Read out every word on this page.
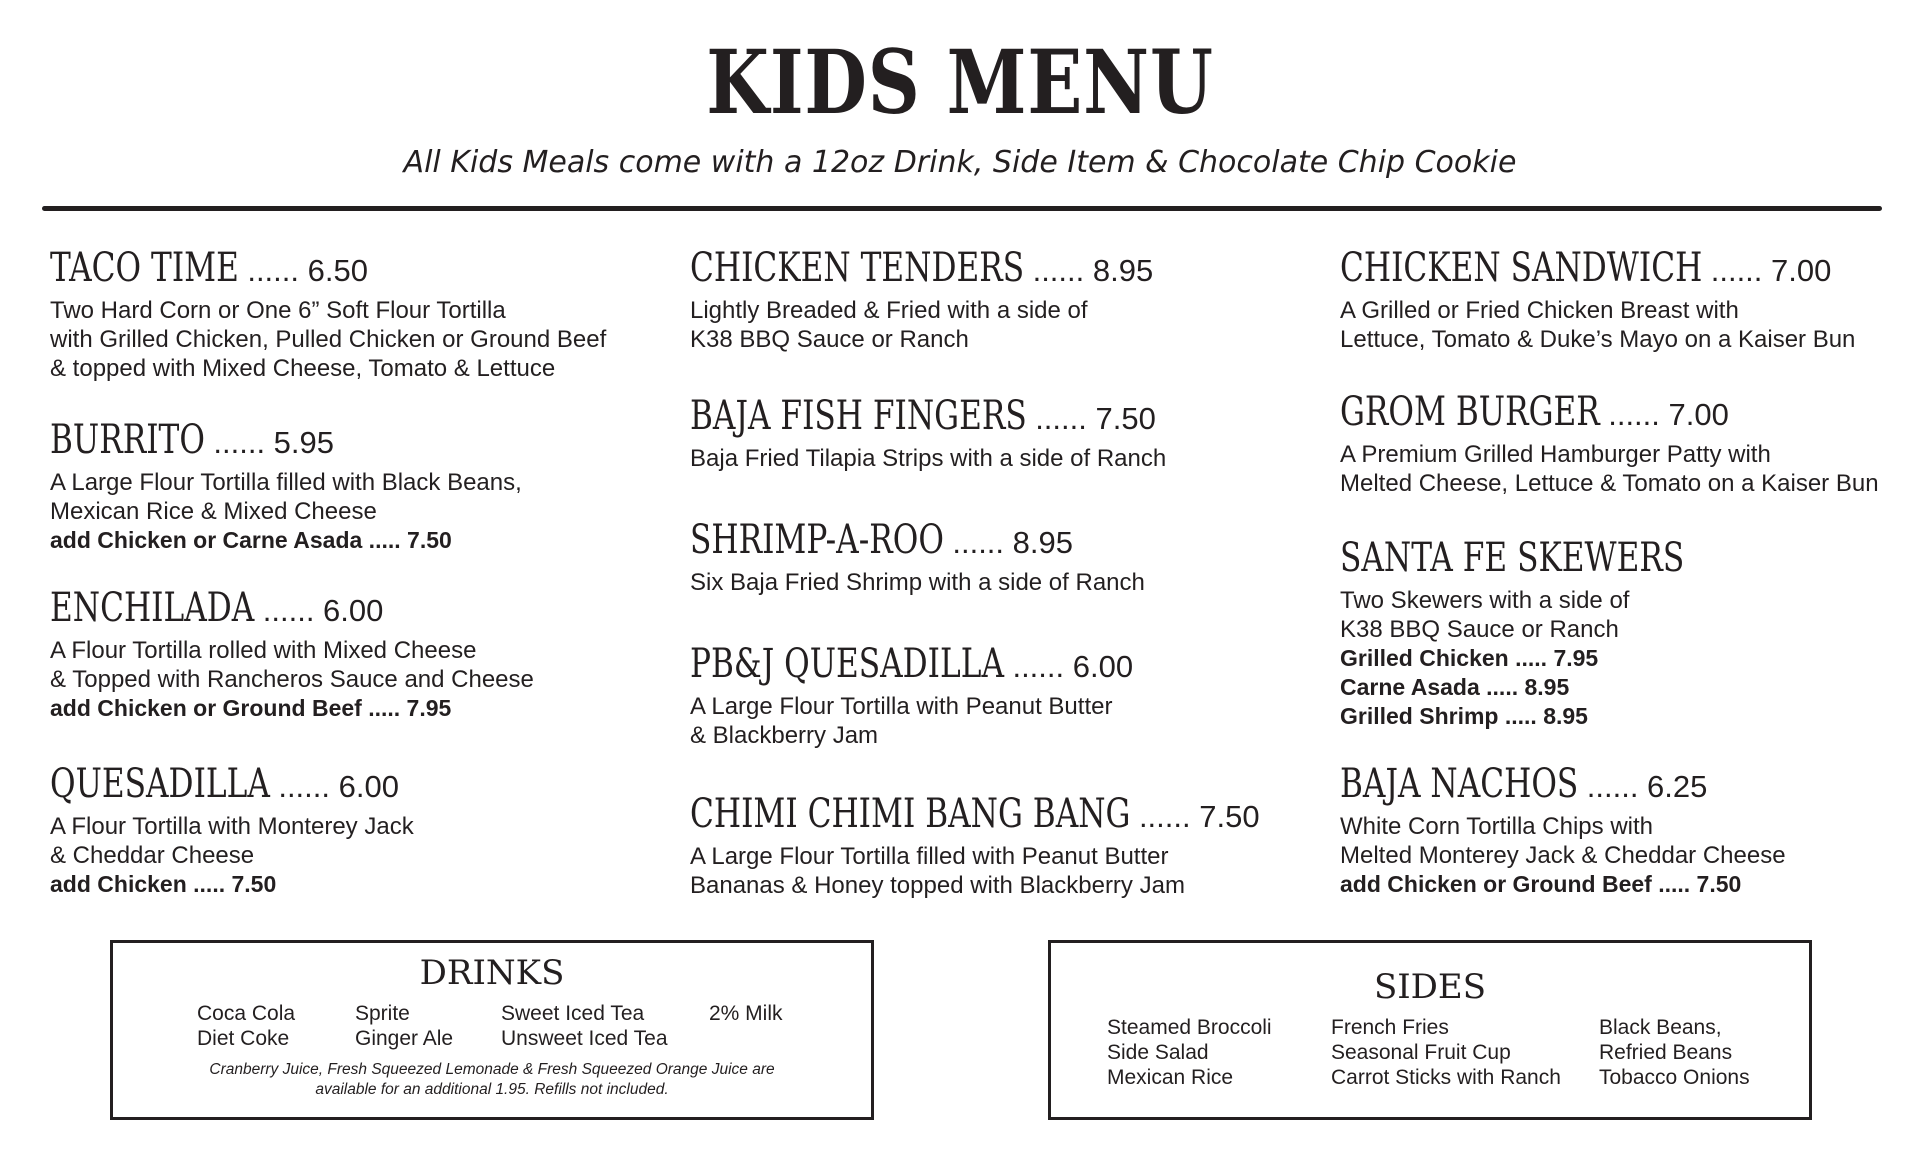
KIDS MENU
All Kids Meals come with a 12oz Drink, Side Item & Chocolate Chip Cookie
TACO TIME ...... 6.50
Two Hard Corn or One 6” Soft Flour Tortilla
with Grilled Chicken, Pulled Chicken or Ground Beef
& topped with Mixed Cheese, Tomato & Lettuce
BURRITO ...... 5.95
A Large Flour Tortilla filled with Black Beans,
Mexican Rice & Mixed Cheese
add Chicken or Carne Asada ..... 7.50
ENCHILADA ...... 6.00
A Flour Tortilla rolled with Mixed Cheese
& Topped with Rancheros Sauce and Cheese
add Chicken or Ground Beef ..... 7.95
QUESADILLA ...... 6.00
A Flour Tortilla with Monterey Jack
& Cheddar Cheese
add Chicken ..... 7.50
CHICKEN TENDERS ...... 8.95
Lightly Breaded & Fried with a side of
K38 BBQ Sauce or Ranch
BAJA FISH FINGERS ...... 7.50
Baja Fried Tilapia Strips with a side of Ranch
SHRIMP-A-ROO ...... 8.95
Six Baja Fried Shrimp with a side of Ranch
PB&J QUESADILLA ...... 6.00
A Large Flour Tortilla with Peanut Butter
& Blackberry Jam
CHIMI CHIMI BANG BANG ...... 7.50
A Large Flour Tortilla filled with Peanut Butter
Bananas & Honey topped with Blackberry Jam
CHICKEN SANDWICH ...... 7.00
A Grilled or Fried Chicken Breast with
Lettuce, Tomato & Duke’s Mayo on a Kaiser Bun
GROM BURGER ...... 7.00
A Premium Grilled Hamburger Patty with
Melted Cheese, Lettuce & Tomato on a Kaiser Bun
SANTA FE SKEWERS
Two Skewers with a side of
K38 BBQ Sauce or Ranch
Grilled Chicken ..... 7.95
Carne Asada ..... 8.95
Grilled Shrimp ..... 8.95
BAJA NACHOS ...... 6.25
White Corn Tortilla Chips with
Melted Monterey Jack & Cheddar Cheese
add Chicken or Ground Beef ..... 7.50
DRINKS
Coca Cola
Diet Coke
Sprite
Ginger Ale
Sweet Iced Tea
Unsweet Iced Tea
2% Milk
Cranberry Juice, Fresh Squeezed Lemonade & Fresh Squeezed Orange Juice are
available for an additional 1.95. Refills not included.
SIDES
Steamed Broccoli
Side Salad
Mexican Rice
French Fries
Seasonal Fruit Cup
Carrot Sticks with Ranch
Black Beans,
Refried Beans
Tobacco Onions
